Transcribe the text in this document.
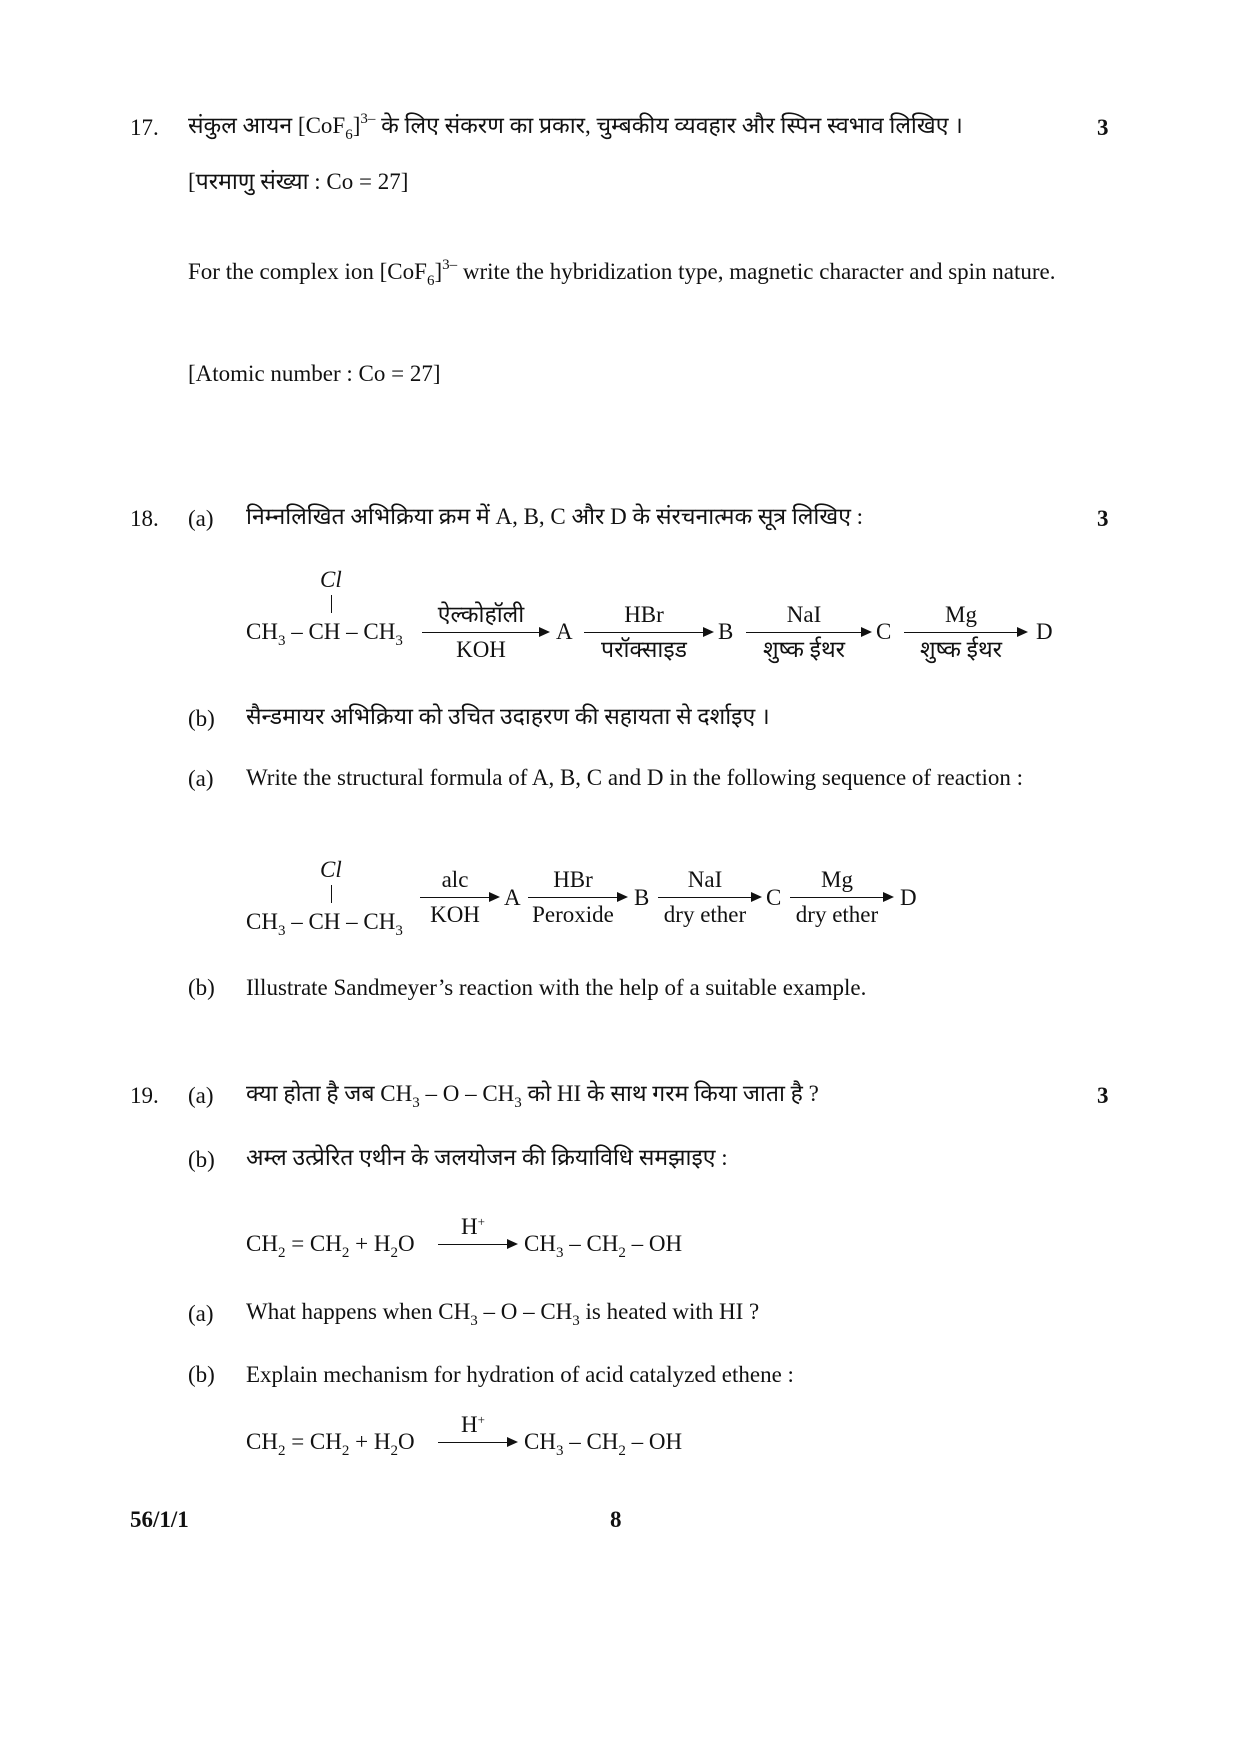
17.	3
संकुल आयन $[CoF_6]^{3-}$ के लिए संकरण का प्रकार, चुम्बकीय व्यवहार और स्पिन स्वभाव लिखिए ।
[परमाणु संख्या : Co = 27]
For the complex ion $[CoF_6]^{3-}$ write the hybridization type, magnetic character and spin nature.
[Atomic number : Co = 27]
18. (a)	3
निम्नलिखित अभिक्रिया क्रम में A, B, C और D के संरचनात्मक सूत्र लिखिए :
Cl
$CH_3$ – CH – $CH_3$
ऐल्कोहॉली
KOH
A
HBr
परॉक्साइड
B
NaI
शुष्क ईथर
C
Mg
शुष्क ईथर
D
(b) सैन्डमायर अभिक्रिया को उचित उदाहरण की सहायता से दर्शाइए ।
(a) Write the structural formula of A, B, C and D in the following sequence of reaction :
Cl
$CH_3$ – CH – $CH_3$
alc
KOH
A
HBr
Peroxide
B
NaI
dry ether
C
Mg
dry ether
D
(b) Illustrate Sandmeyer’s reaction with the help of a suitable example.
19. (a)	3
क्या होता है जब $CH_3$ – O – $CH_3$ को HI के साथ गरम किया जाता है ?
(b) अम्ल उत्प्रेरित एथीन के जलयोजन की क्रियाविधि समझाइए :
$CH_2 = CH_2 + H_2O$
H+
$CH_3 - CH_2$ – OH
(a) What happens when $CH_3$ – O – $CH_3$ is heated with HI ?
(b) Explain mechanism for hydration of acid catalyzed ethene :
$CH_2 = CH_2 + H_2O$
H+
$CH_3 - CH_2$ – OH
56/1/1	8
